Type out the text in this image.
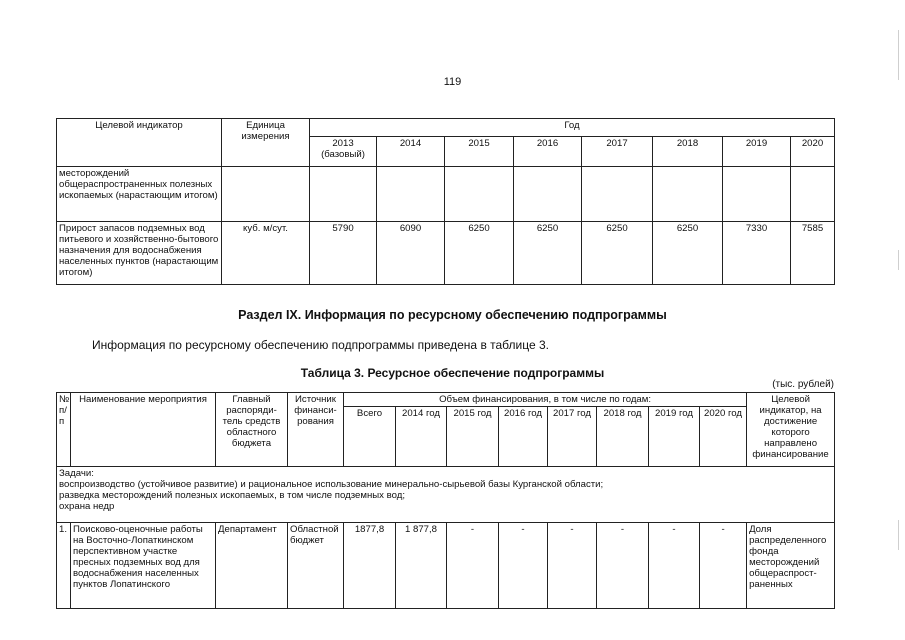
119
Целевой индикатор	Единица измерения	Год							
		2013 (базовый)	2014	2015	2016	2017	2018	2019	2020
месторождений общераспространенных полезных ископаемых (нарастающим итогом)									
Прирост запасов подземных вод питьевого и хозяйственно-бытового назначения для водоснабжения населенных пунктов (нарастающим итогом)	куб. м/сут.	5790	6090	6250	6250	6250	6250	7330	7585
Раздел IX. Информация по ресурсному обеспечению подпрограммы
Информация по ресурсному обеспечению подпрограммы приведена в таблице 3.
Таблица 3. Ресурсное обеспечение подпрограммы
(тыс. рублей)
№ п/п	Наименование мероприятия	Главный распоряди-тель средств областного бюджета	Источник финанси-рования	Объем финансирования, в том числе по годам:								Целевой индикатор, на достижение которого направлено финансирование
				Всего	2014 год	2015 год	2016 год	2017 год	2018 год	2019 год	2020 год	
Задачи:
воспроизводство (устойчивое развитие) и рациональное использование минерально-сырьевой базы Курганской области;
разведка месторождений полезных ископаемых, в том числе подземных вод;
охрана недр												
1.	Поисково-оценочные работы на Восточно-Лопаткинском перспективном участке пресных подземных вод для водоснабжения населенных пунктов Лопатинского	Департамент	Областной бюджет	1877,8	1 877,8	-	-	-	-	-	-	Доля распределенного фонда месторождений общераспрост-раненных
